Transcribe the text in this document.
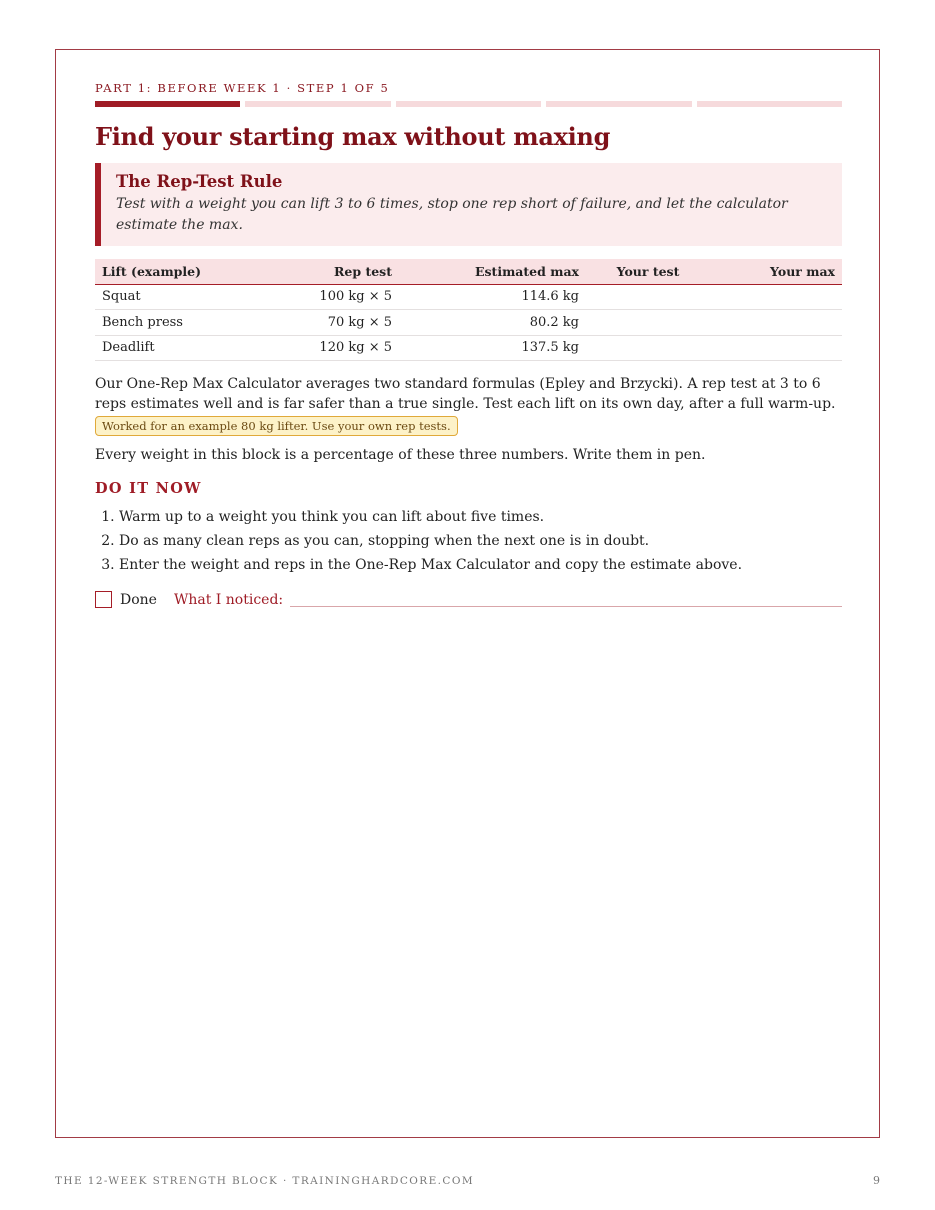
PART 1: BEFORE WEEK 1 · STEP 1 OF 5
Find your starting max without maxing
The Rep-Test Rule
Test with a weight you can lift 3 to 6 times, stop one rep short of failure, and let the calculator estimate the max.
Lift (example)	Rep test	Estimated max	Your test	Your max
Squat	100 kg × 5	114.6 kg		
Bench press	70 kg × 5	80.2 kg		
Deadlift	120 kg × 5	137.5 kg		

Our One-Rep Max Calculator averages two standard formulas (Epley and Brzycki). A rep test at 3 to 6 reps estimates well and is far safer than a true single. Test each lift on its own day, after a full warm-up.

Worked for an example 80 kg lifter. Use your own rep tests.

Every weight in this block is a percentage of these three numbers. Write them in pen.

DO IT NOW
1. Warm up to a weight you think you can lift about five times.
2. Do as many clean reps as you can, stopping when the next one is in doubt.
3. Enter the weight and reps in the One-Rep Max Calculator and copy the estimate above.
Done What I noticed:
THE 12-WEEK STRENGTH BLOCK · TRAININGHARDCORE.COM	9
